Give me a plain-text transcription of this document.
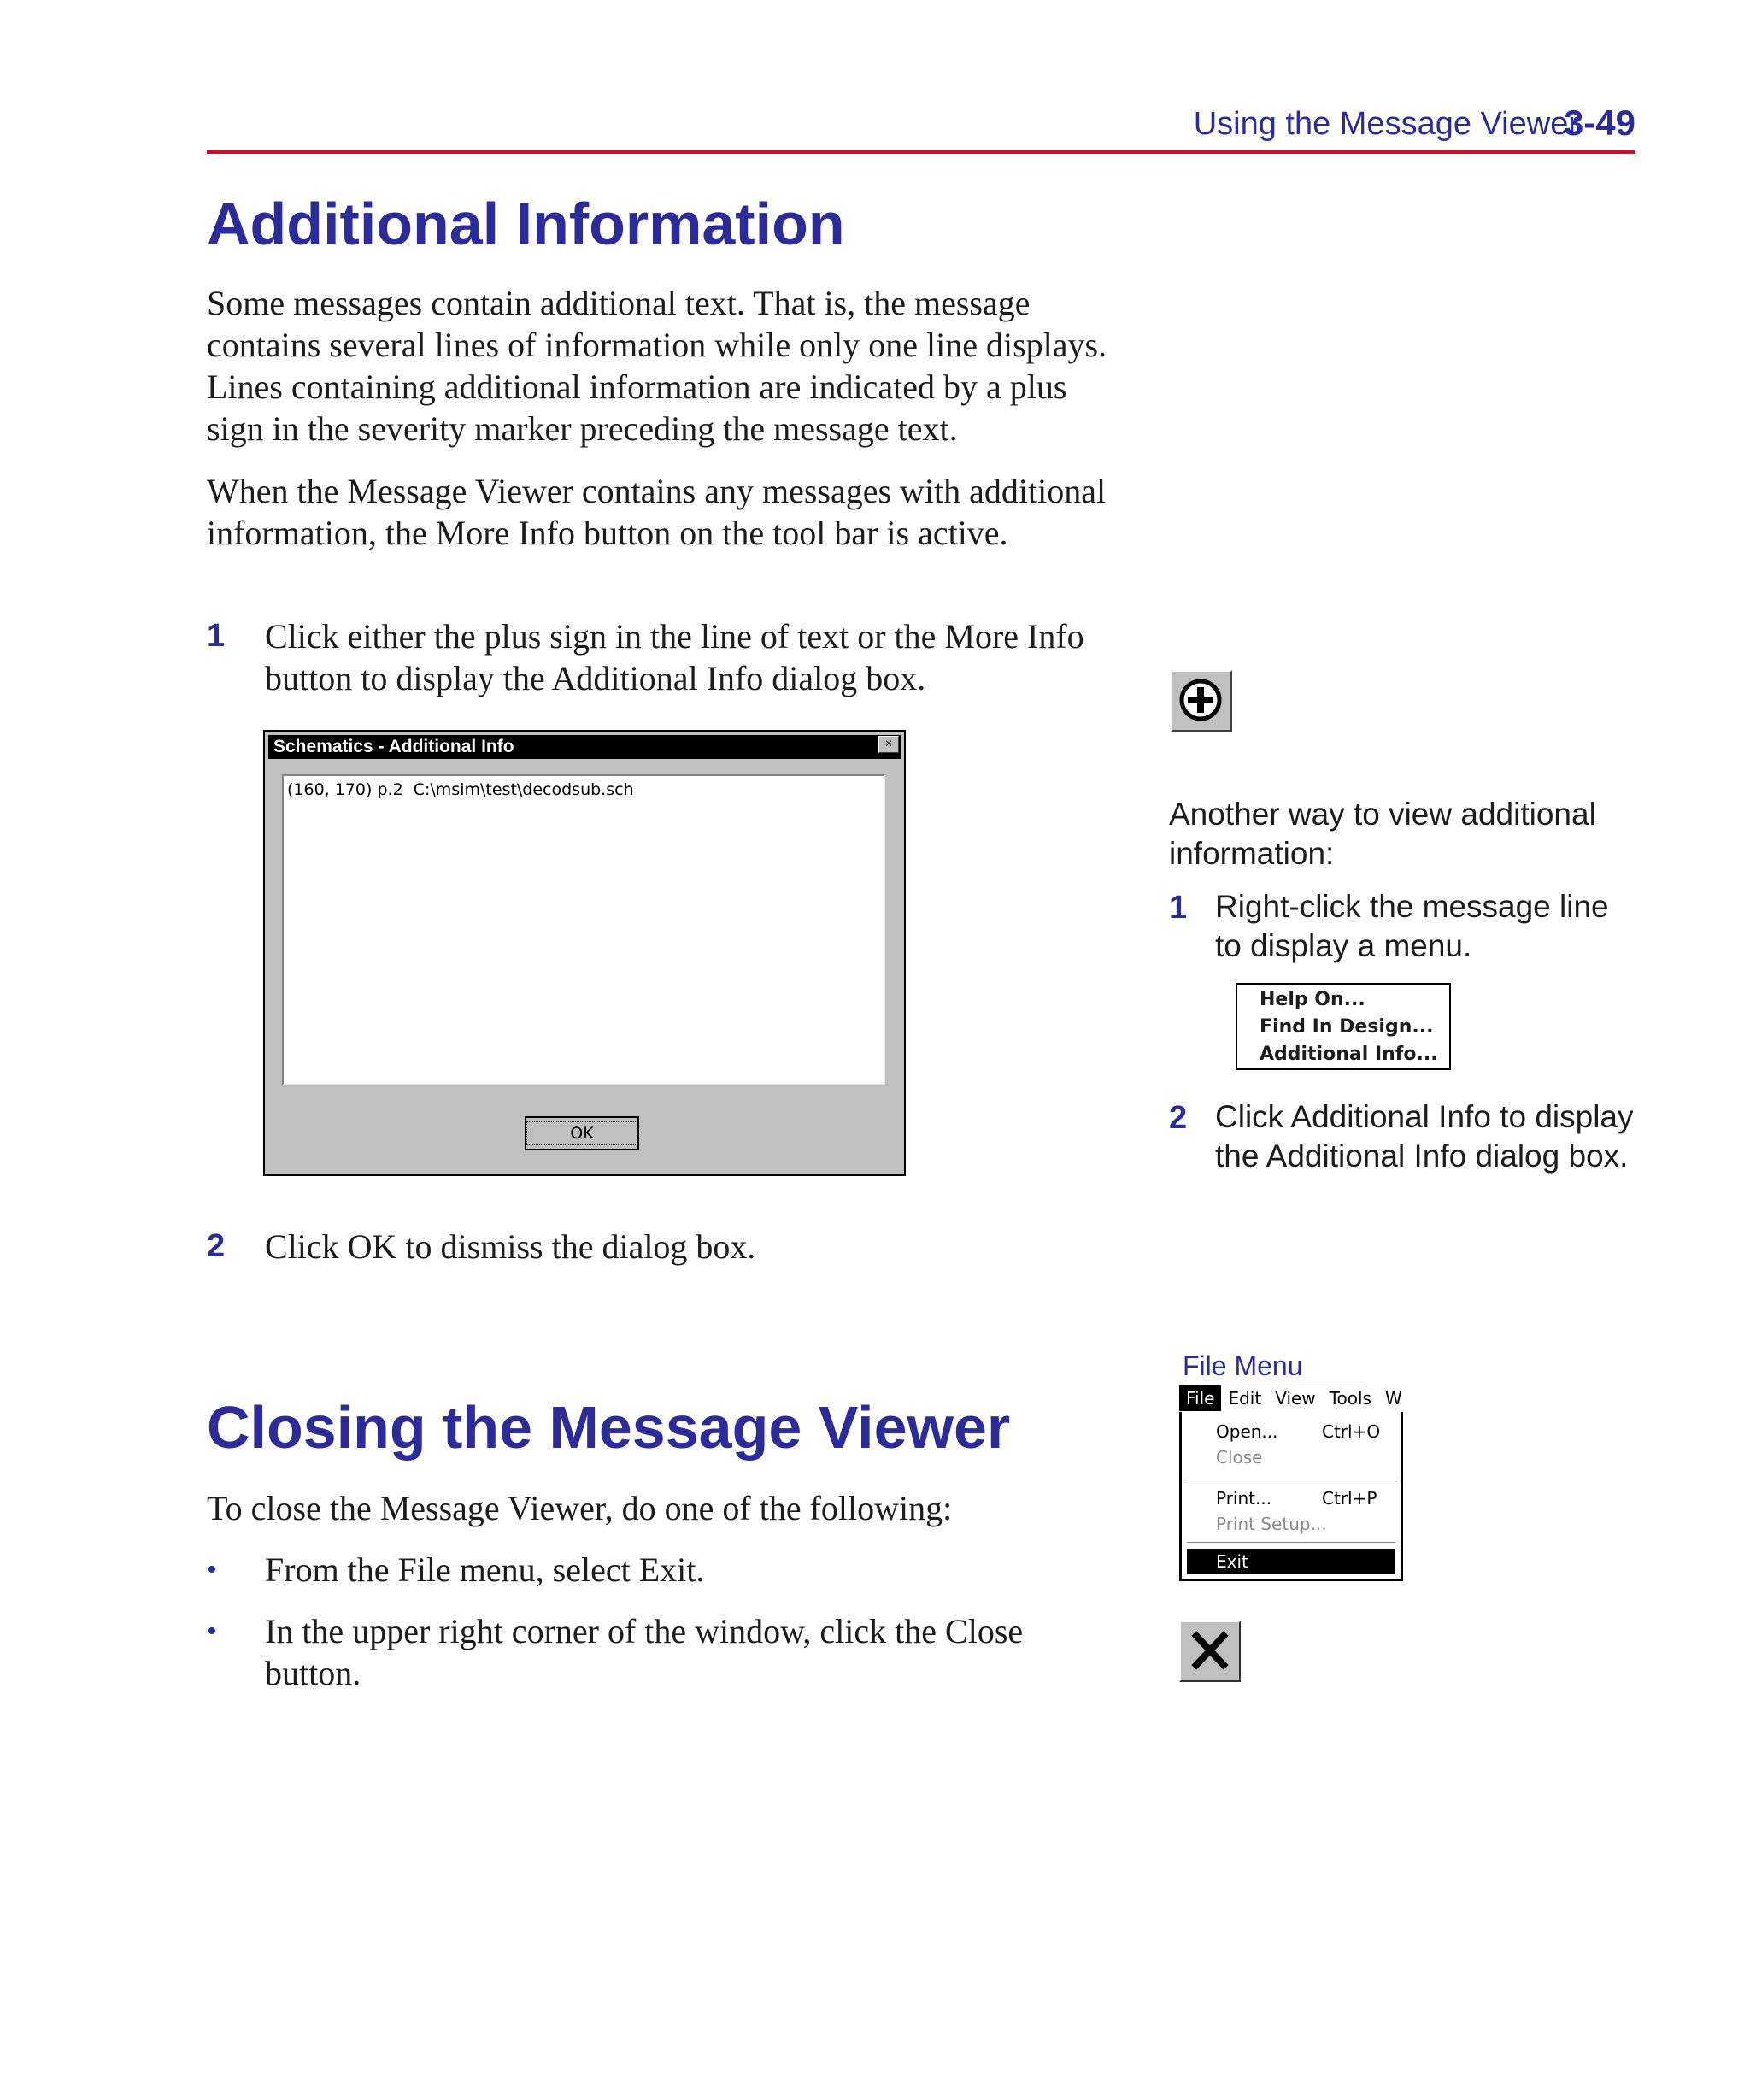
Using the Message Viewer
3-49
Additional Information

Some messages contain additional text. That is, the message contains several lines of information while only one line displays. Lines containing additional information are indicated by a plus sign in the severity marker preceding the message text.

When the Message Viewer contains any messages with additional information, the More Info button on the tool bar is active.

1 Click either the plus sign in the line of text or the More Info button to display the Additional Info dialog box.
Schematics - Additional Info	×
(160, 170) p.2  C:\msim\test\decodsub.sch
OK
2 Click OK to dismiss the dialog box.
Another way to view additional information:
1 Right-click the message line to display a menu.
Help On...
Find In Design...
Additional Info...
2 Click Additional Info to display the Additional Info dialog box.
File Menu
File Edit View Tools W
Open...	Ctrl+O
Close
Print...	Ctrl+P
Print Setup...
Exit
Closing the Message Viewer

To close the Message Viewer, do one of the following:

• From the File menu, select Exit.
• In the upper right corner of the window, click the Close button.
